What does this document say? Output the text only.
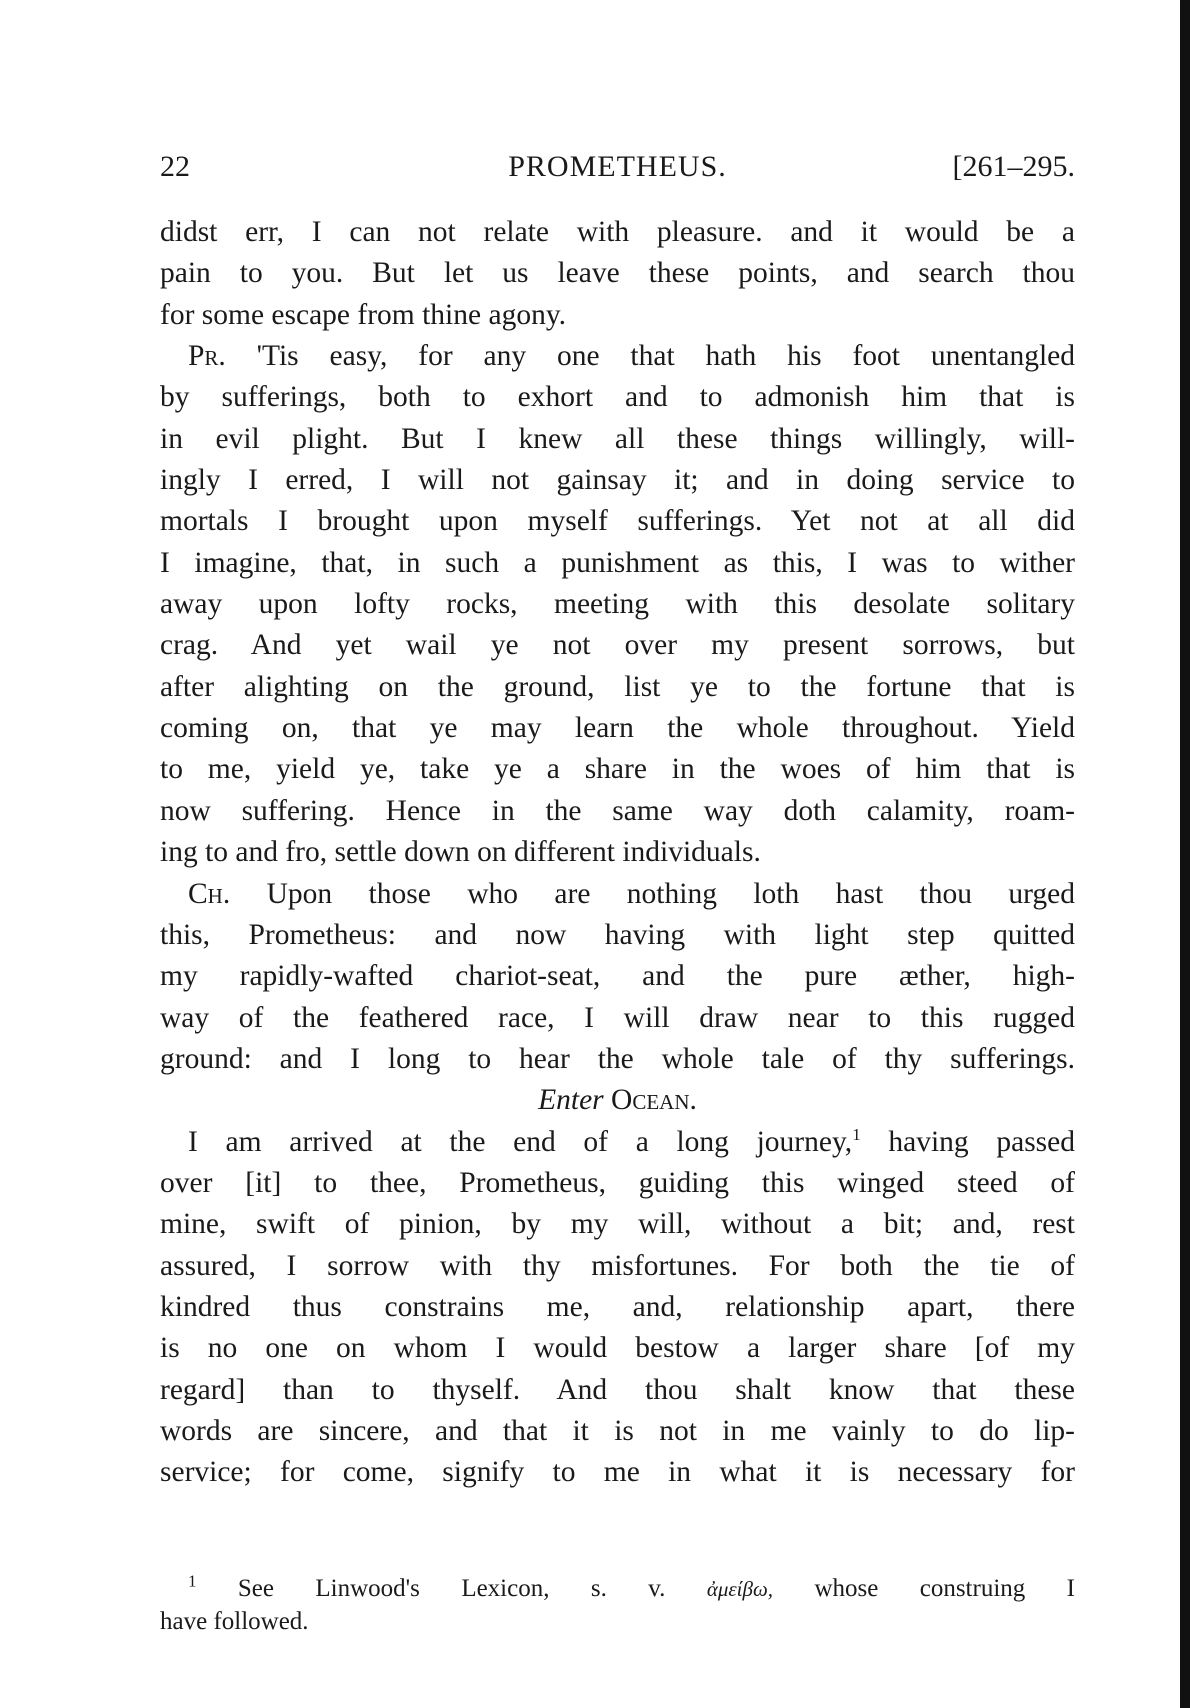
22	PROMETHEUS.	[261–295.
didst err, I can not relate with pleasure. and it would be a
pain to you. But let us leave these points, and search thou
for some escape from thine agony.
Pr. 'Tis easy, for any one that hath his foot unentangled
by sufferings, both to exhort and to admonish him that is
in evil plight. But I knew all these things willingly, will-
ingly I erred, I will not gainsay it; and in doing service to
mortals I brought upon myself sufferings. Yet not at all did
I imagine, that, in such a punishment as this, I was to wither
away upon lofty rocks, meeting with this desolate solitary
crag. And yet wail ye not over my present sorrows, but
after alighting on the ground, list ye to the fortune that is
coming on, that ye may learn the whole throughout. Yield
to me, yield ye, take ye a share in the woes of him that is
now suffering. Hence in the same way doth calamity, roam-
ing to and fro, settle down on different individuals.
Ch. Upon those who are nothing loth hast thou urged
this, Prometheus: and now having with light step quitted
my rapidly-wafted chariot-seat, and the pure æther, high-
way of the feathered race, I will draw near to this rugged
ground: and I long to hear the whole tale of thy sufferings.
Enter Ocean.
I am arrived at the end of a long journey,$^1$ having passed
over [it] to thee, Prometheus, guiding this winged steed of
mine, swift of pinion, by my will, without a bit; and, rest
assured, I sorrow with thy misfortunes. For both the tie of
kindred thus constrains me, and, relationship apart, there
is no one on whom I would bestow a larger share [of my
regard] than to thyself. And thou shalt know that these
words are sincere, and that it is not in me vainly to do lip-
service; for come, signify to me in what it is necessary for
$^1$ See Linwood's Lexicon, s. v. ἀμείβω, whose construing I
have followed.
